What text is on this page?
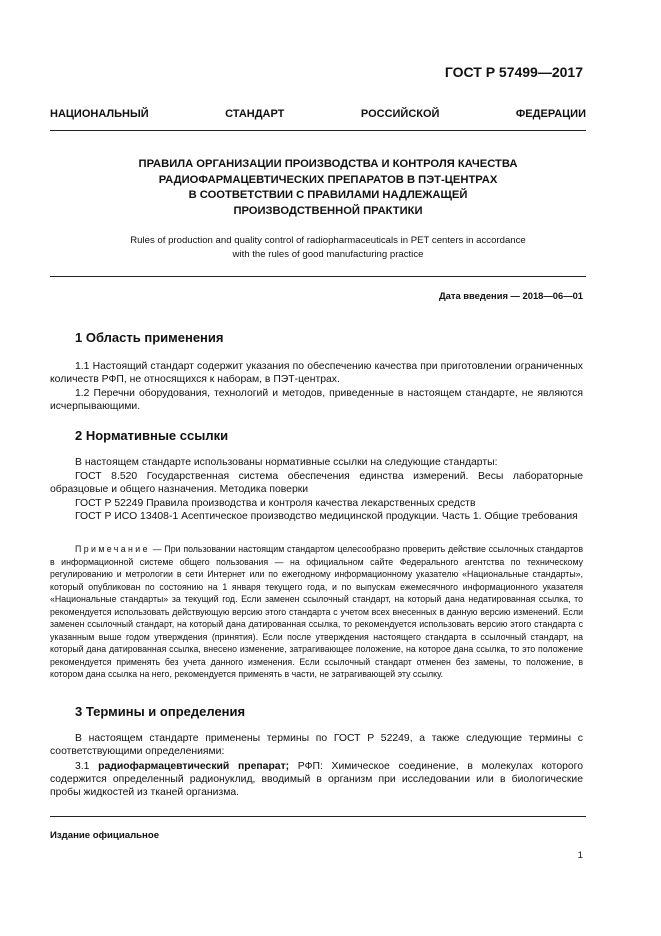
ГОСТ Р 57499—2017
НАЦИОНАЛЬНЫЙ	СТАНДАРТ	РОССИЙСКОЙ	ФЕДЕРАЦИИ
ПРАВИЛА ОРГАНИЗАЦИИ ПРОИЗВОДСТВА И КОНТРОЛЯ КАЧЕСТВА
РАДИОФАРМАЦЕВТИЧЕСКИХ ПРЕПАРАТОВ В ПЭТ-ЦЕНТРАХ
В СООТВЕТСТВИИ С ПРАВИЛАМИ НАДЛЕЖАЩЕЙ
ПРОИЗВОДСТВЕННОЙ ПРАКТИКИ
Rules of production and quality control of radiopharmaceuticals in PET centers in accordance
with the rules of good manufacturing practice
Дата введения — 2018—06—01
1 Область применения

1.1 Настоящий стандарт содержит указания по обеспечению качества при приготовлении ограниченных количеств РФП, не относящихся к наборам, в ПЭТ-центрах.

1.2 Перечни оборудования, технологий и методов, приведенные в настоящем стандарте, не являются исчерпывающими.

2 Нормативные ссылки

В настоящем стандарте использованы нормативные ссылки на следующие стандарты:

ГОСТ 8.520 Государственная система обеспечения единства измерений. Весы лабораторные образцовые и общего назначения. Методика поверки

ГОСТ Р 52249 Правила производства и контроля качества лекарственных средств

ГОСТ Р ИСО 13408-1 Асептическое производство медицинской продукции. Часть 1. Общие требования

Примечание — При пользовании настоящим стандартом целесообразно проверить действие ссылочных стандартов в информационной системе общего пользования — на официальном сайте Федерального агентства по техническому регулированию и метрологии в сети Интернет или по ежегодному информационному указателю «Национальные стандарты», который опубликован по состоянию на 1 января текущего года, и по выпускам ежемесячного информационного указателя «Национальные стандарты» за текущий год. Если заменен ссылочный стандарт, на который дана недатированная ссылка, то рекомендуется использовать действующую версию этого стандарта с учетом всех внесенных в данную версию изменений. Если заменен ссылочный стандарт, на который дана датированная ссылка, то рекомендуется использовать версию этого стандарта с указанным выше годом утверждения (принятия). Если после утверждения настоящего стандарта в ссылочный стандарт, на который дана датированная ссылка, внесено изменение, затрагивающее положение, на которое дана ссылка, то это положение рекомендуется применять без учета данного изменения. Если ссылочный стандарт отменен без замены, то положение, в котором дана ссылка на него, рекомендуется применять в части, не затрагивающей эту ссылку.

3 Термины и определения

В настоящем стандарте применены термины по ГОСТ Р 52249, а также следующие термины с соответствующими определениями:

3.1 радиофармацевтический препарат; РФП: Химическое соединение, в молекулах которого содержится определенный радионуклид, вводимый в организм при исследовании или в биологические пробы жидкостей из тканей организма.

Издание официальное
1
